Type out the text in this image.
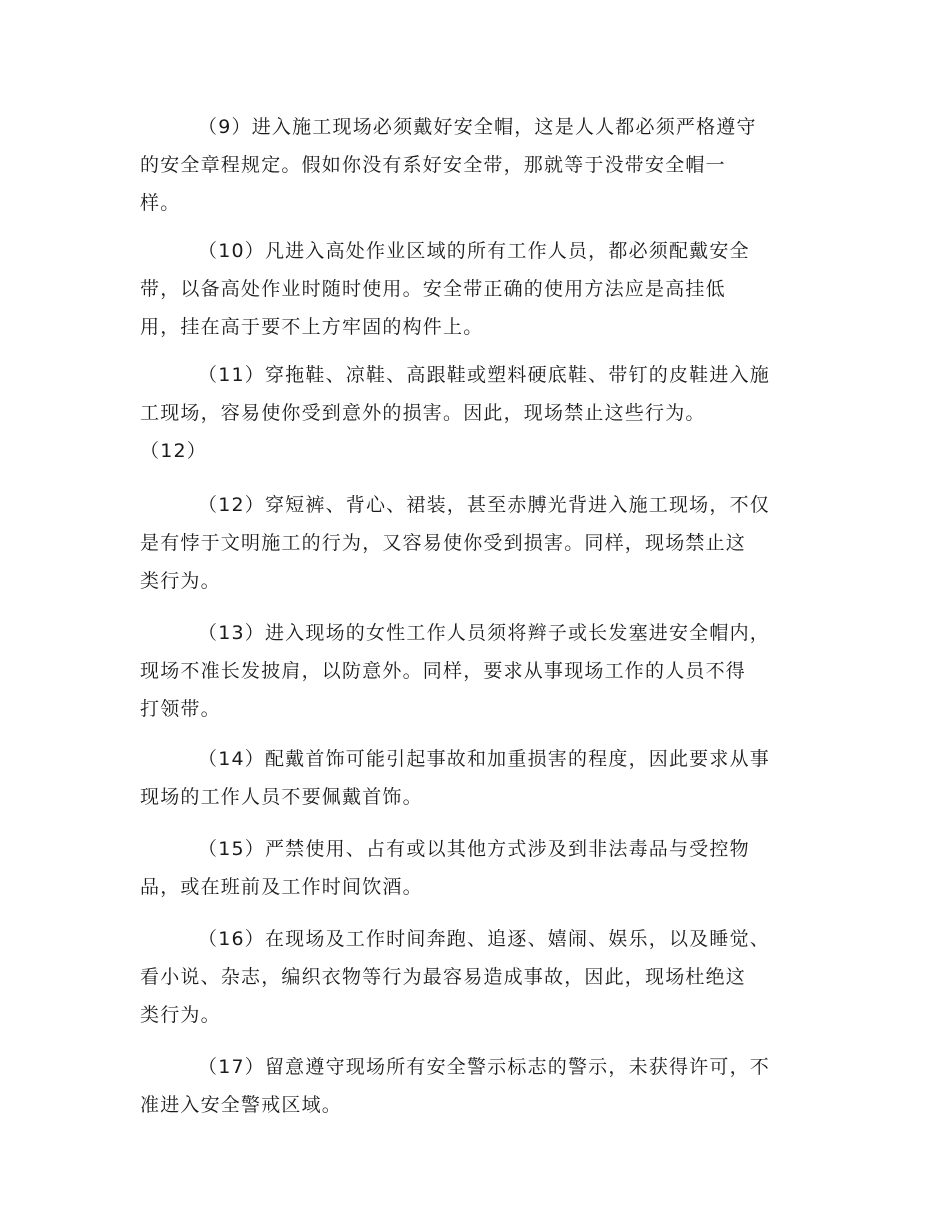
（9）进入施工现场必须戴好安全帽，这是人人都必须严格遵守
的安全章程规定。假如你没有系好安全带，那就等于没带安全帽一
样。
（10）凡进入高处作业区域的所有工作人员，都必须配戴安全
带，以备高处作业时随时使用。安全带正确的使用方法应是高挂低
用，挂在高于要不上方牢固的构件上。
（11）穿拖鞋、凉鞋、高跟鞋或塑料硬底鞋、带钉的皮鞋进入施
工现场，容易使你受到意外的损害。因此，现场禁止这些行为。
（12）
（12）穿短裤、背心、裙装，甚至赤膊光背进入施工现场，不仅
是有悖于文明施工的行为，又容易使你受到损害。同样，现场禁止这
类行为。
（13）进入现场的女性工作人员须将辫子或长发塞进安全帽内，
现场不准长发披肩，以防意外。同样，要求从事现场工作的人员不得
打领带。
（14）配戴首饰可能引起事故和加重损害的程度，因此要求从事
现场的工作人员不要佩戴首饰。
（15）严禁使用、占有或以其他方式涉及到非法毒品与受控物
品，或在班前及工作时间饮酒。
（16）在现场及工作时间奔跑、追逐、嬉闹、娱乐，以及睡觉、
看小说、杂志，编织衣物等行为最容易造成事故，因此，现场杜绝这
类行为。
（17）留意遵守现场所有安全警示标志的警示，未获得许可，不
准进入安全警戒区域。
